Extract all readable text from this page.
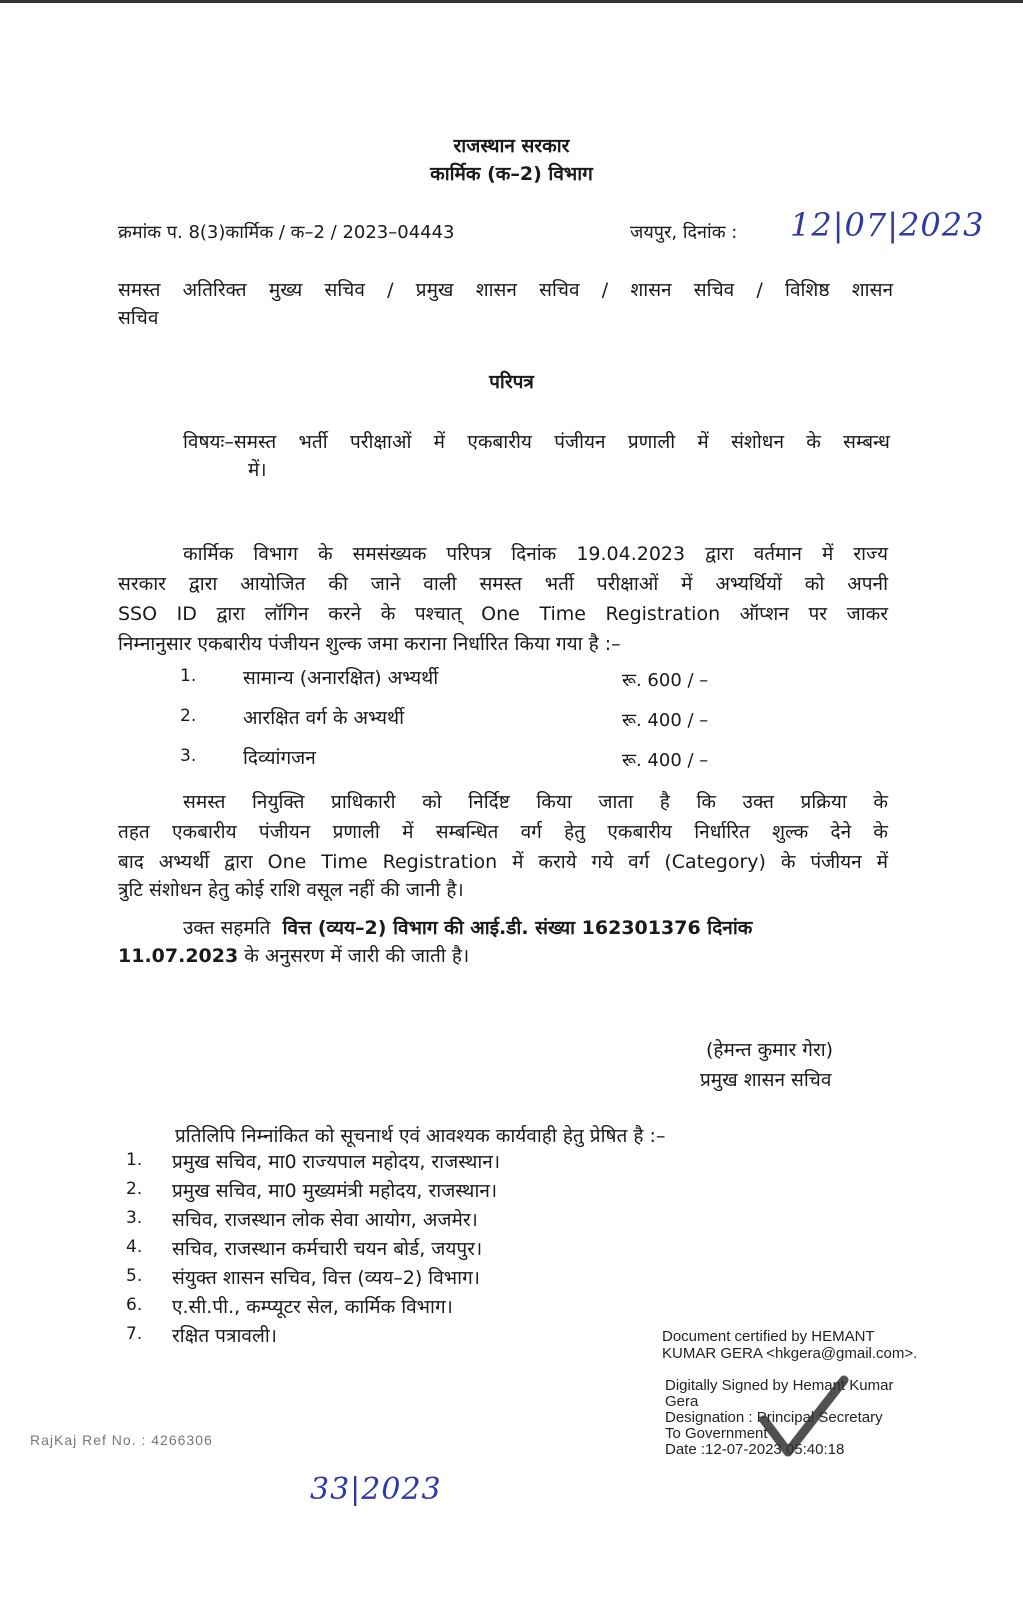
राजस्थान सरकार
कार्मिक (क–2) विभाग
क्रमांक प. 8(3)कार्मिक / क–2 / 2023–04443	जयपुर, दिनांक : 12|07|2023
समस्त अतिरिक्त मुख्य सचिव / प्रमुख शासन सचिव / शासन सचिव / विशिष्ठ शासन
सचिव
परिपत्र
विषयः–समस्त भर्ती परीक्षाओं में एकबारीय पंजीयन प्रणाली में संशोधन के सम्बन्ध
में।
कार्मिक विभाग के समसंख्यक परिपत्र दिनांक 19.04.2023 द्वारा वर्तमान में राज्य
सरकार द्वारा आयोजित की जाने वाली समस्त भर्ती परीक्षाओं में अभ्यर्थियों को अपनी
SSO ID द्वारा लॉगिन करने के पश्चात् One Time Registration ऑप्शन पर जाकर
निम्नानुसार एकबारीय पंजीयन शुल्क जमा कराना निर्धारित किया गया है :–
1. सामान्य (अनारक्षित) अभ्यर्थी	रू. 600 / –
2. आरक्षित वर्ग के अभ्यर्थी	रू. 400 / –
3. दिव्यांगजन	रू. 400 / –
समस्त नियुक्ति प्राधिकारी को निर्दिष्ट किया जाता है कि उक्त प्रक्रिया के
तहत एकबारीय पंजीयन प्रणाली में सम्बन्धित वर्ग हेतु एकबारीय निर्धारित शुल्क देने के
बाद अभ्यर्थी द्वारा One Time Registration में कराये गये वर्ग (Category) के पंजीयन में
त्रुटि संशोधन हेतु कोई राशि वसूल नहीं की जानी है।
उक्त सहमति वित्त (व्यय–2) विभाग की आई.डी. संख्या 162301376 दिनांक
11.07.2023 के अनुसरण में जारी की जाती है।
(हेमन्त कुमार गेरा)
प्रमुख शासन सचिव
प्रतिलिपि निम्नांकित को सूचनार्थ एवं आवश्यक कार्यवाही हेतु प्रेषित है :–
1. प्रमुख सचिव, मा0 राज्यपाल महोदय, राजस्थान।
2. प्रमुख सचिव, मा0 मुख्यमंत्री महोदय, राजस्थान।
3. सचिव, राजस्थान लोक सेवा आयोग, अजमेर।
4. सचिव, राजस्थान कर्मचारी चयन बोर्ड, जयपुर।
5. संयुक्त शासन सचिव, वित्त (व्यय–2) विभाग।
6. ए.सी.पी., कम्प्यूटर सेल, कार्मिक विभाग।
7. रक्षित पत्रावली।	Document certified by HEMANT
KUMAR GERA <hkgera@gmail.com>.
Digitally Signed by Hemant Kumar
Gera
Designation : Principal Secretary
To Government
Date :12-07-2023 05:40:18
RajKaj Ref No. : 4266306
33|2023
